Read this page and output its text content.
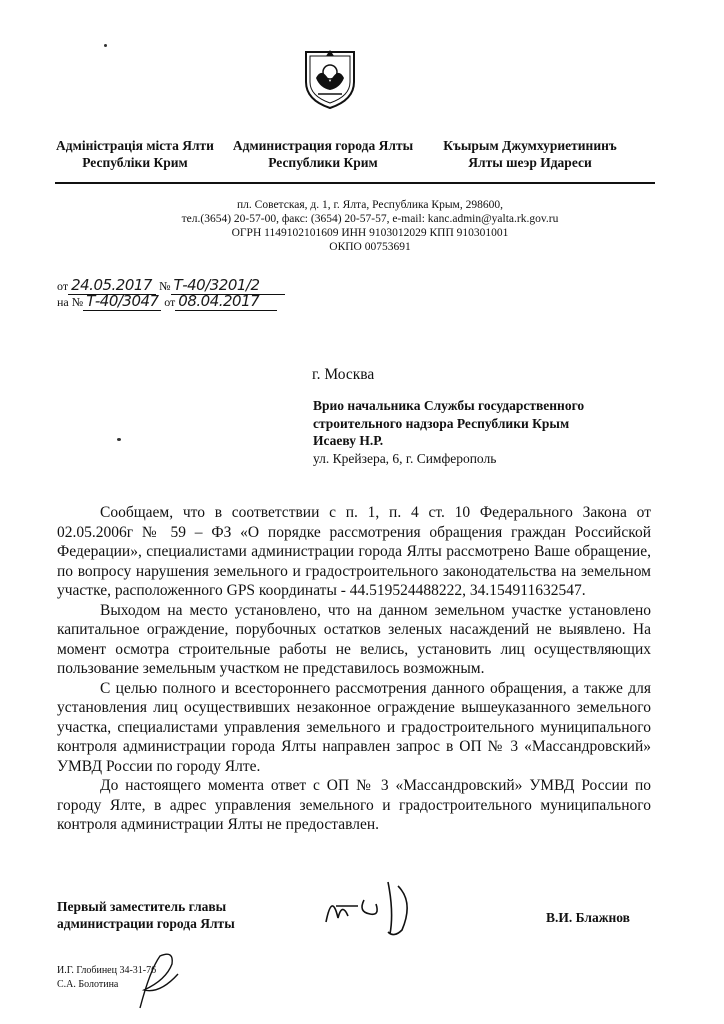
Адміністрація міста Ялти
Республіки Крим
Администрация города Ялты
Республики Крим
Къырым Джумхуриетининъ
Ялты шеэр Идареси
пл. Советская, д. 1, г. Ялта, Республика Крым, 298600,
тел.(3654) 20-57-00, факс: (3654) 20-57-57, e-mail: kanc.admin@yalta.rk.gov.ru
ОГРН 1149102101609 ИНН 9103012029 КПП 910301001
ОКПО 00753691
от 24.05.2017 № Т-40/3201/2
на № Т-40/3047 от 08.04.2017
г. Москва
Врио начальника Службы государственного
строительного надзора Республики Крым
Исаеву Н.Р.
ул. Крейзера, 6, г. Симферополь

Сообщаем, что в соответствии с п. 1, п. 4 ст. 10 Федерального Закона от 02.05.2006г № 59 – ФЗ «О порядке рассмотрения обращения граждан Российской Федерации», специалистами администрации города Ялты рассмотрено Ваше обращение, по вопросу нарушения земельного и градостроительного законодательства на земельном участке, расположенного GPS координаты - 44.519524488222, 34.154911632547.

Выходом на место установлено, что на данном земельном участке установлено капитальное ограждение, порубочных остатков зеленых насаждений не выявлено. На момент осмотра строительные работы не велись, установить лиц осуществляющих пользование земельным участком не представилось возможным.

С целью полного и всестороннего рассмотрения данного обращения, а также для установления лиц осуществивших незаконное ограждение вышеуказанного земельного участка, специалистами управления земельного и градостроительного муниципального контроля администрации города Ялты направлен запрос в ОП № 3 «Массандровский» УМВД России по городу Ялте.

До настоящего момента ответ с ОП № 3 «Массандровский» УМВД России по городу Ялте, в адрес управления земельного и градостроительного муниципального контроля администрации Ялты не предоставлен.

Первый заместитель главы
администрации города Ялты	В.И. Блажнов
И.Г. Глобинец 34-31-76
С.А. Болотина
